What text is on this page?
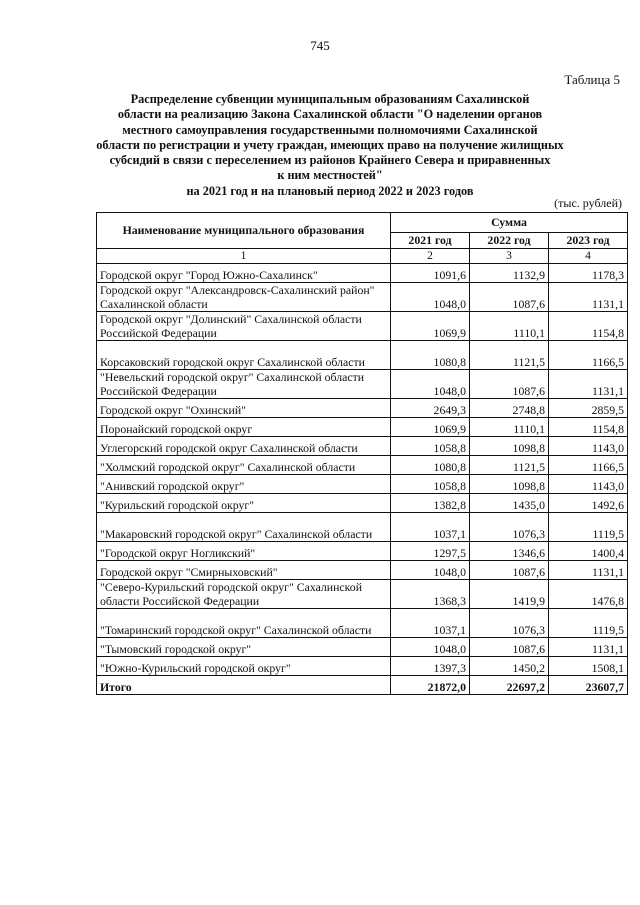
745
Таблица 5
Распределение субвенции муниципальным образованиям Сахалинской
области на реализацию Закона Сахалинской области "О наделении органов
местного самоуправления государственными полномочиями Сахалинской
области по регистрации и учету граждан, имеющих право на получение жилищных
субсидий в связи с переселением из районов Крайнего Севера и приравненных
к ним местностей"
на 2021 год и на плановый период 2022 и 2023 годов
(тыс. рублей)
Наименование муниципального образования	Сумма		
	2021 год	2022 год	2023 год
1	2	3	4
Городской округ "Город Южно-Сахалинск"	1091,6	1132,9	1178,3
Городской округ "Александровск-Сахалинский район" Сахалинской области	1048,0	1087,6	1131,1
Городской округ "Долинский" Сахалинской области Российской Федерации	1069,9	1110,1	1154,8
Корсаковский городской округ Сахалинской области	1080,8	1121,5	1166,5
"Невельский городской округ" Сахалинской области Российской Федерации	1048,0	1087,6	1131,1
Городской округ "Охинский"	2649,3	2748,8	2859,5
Поронайский городской округ	1069,9	1110,1	1154,8
Углегорский городской округ Сахалинской области	1058,8	1098,8	1143,0
"Холмский городской округ" Сахалинской области	1080,8	1121,5	1166,5
"Анивский городской округ"	1058,8	1098,8	1143,0
"Курильский городской округ"	1382,8	1435,0	1492,6
"Макаровский городской округ" Сахалинской области	1037,1	1076,3	1119,5
"Городской округ Ногликский"	1297,5	1346,6	1400,4
Городской округ "Смирныховский"	1048,0	1087,6	1131,1
"Северо-Курильский городской округ" Сахалинской области Российской Федерации	1368,3	1419,9	1476,8
"Томаринский городской округ" Сахалинской области	1037,1	1076,3	1119,5
"Тымовский городской округ"	1048,0	1087,6	1131,1
"Южно-Курильский городской округ"	1397,3	1450,2	1508,1
Итого	21872,0	22697,2	23607,7
